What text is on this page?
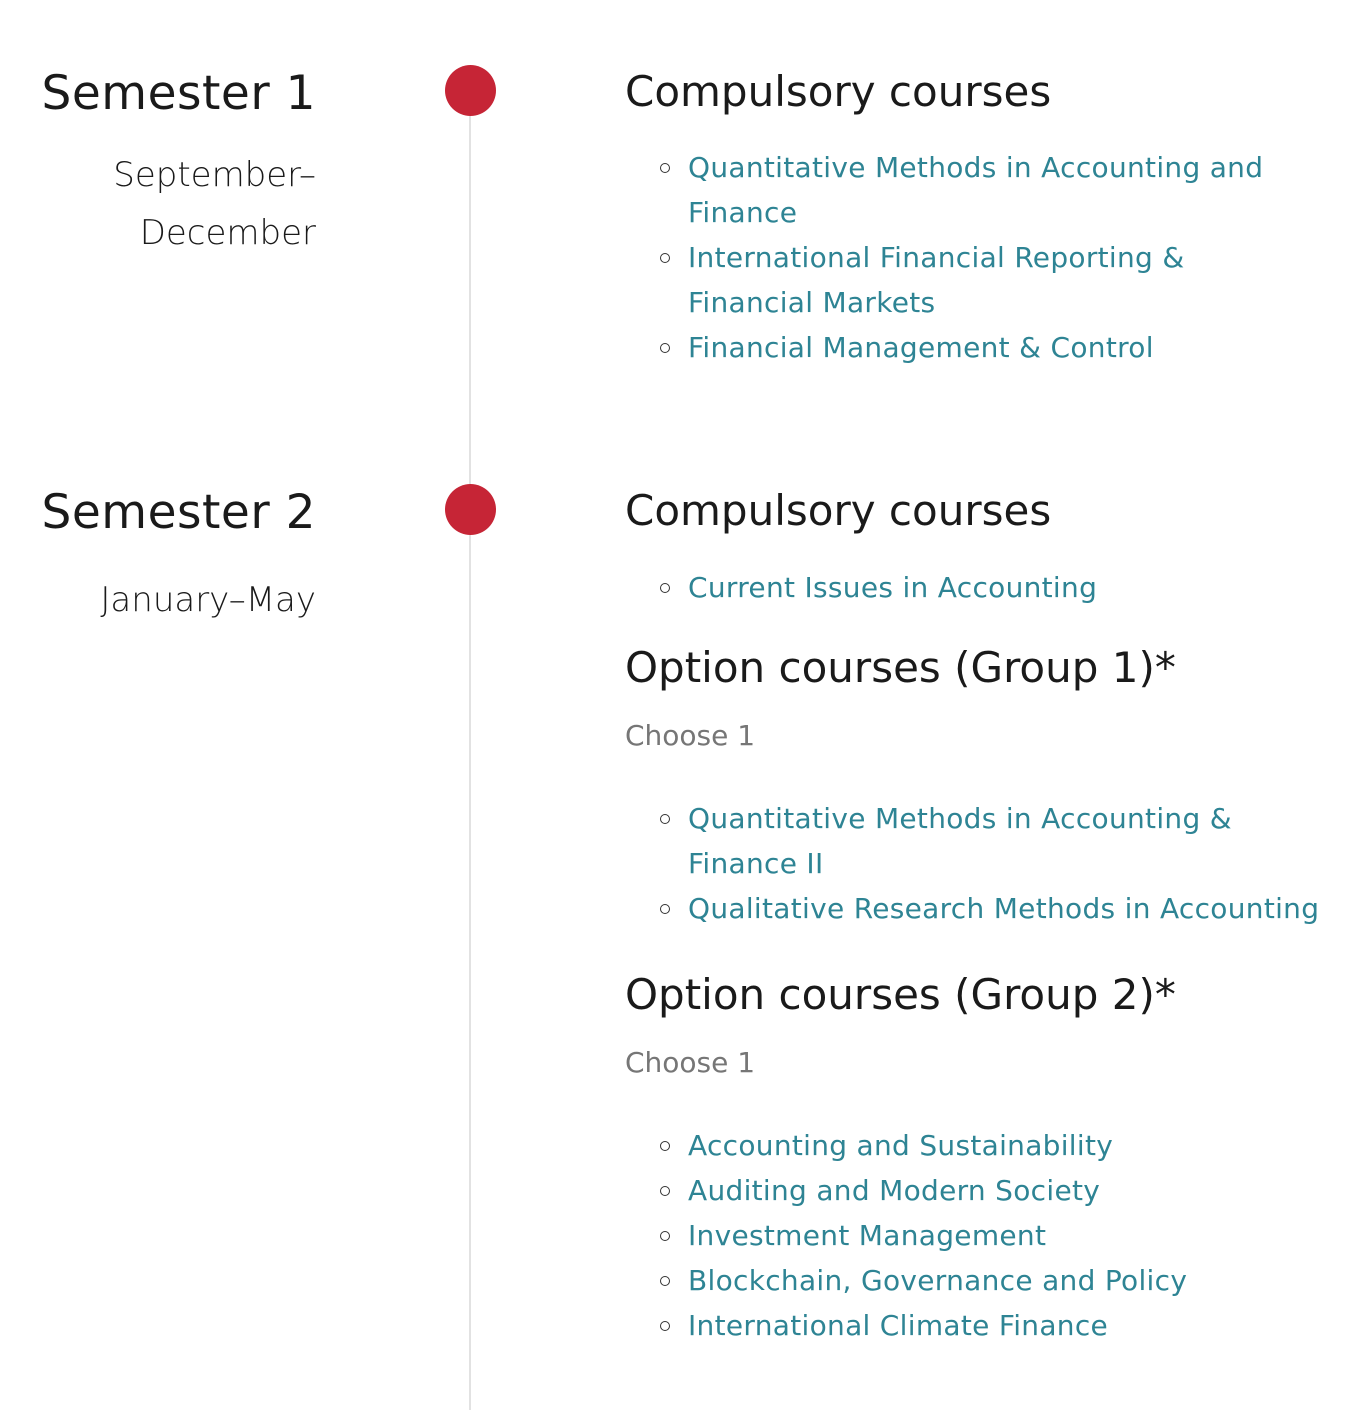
Semester 1
September–
December
Compulsory courses
Quantitative Methods in Accounting and Finance
International Financial Reporting & Financial Markets
Financial Management & Control
Semester 2
January–May
Compulsory courses
Current Issues in Accounting
Option courses (Group 1)*

Choose 1

Quantitative Methods in Accounting & Finance II
Qualitative Research Methods in Accounting
Option courses (Group 2)*

Choose 1

Accounting and Sustainability
Auditing and Modern Society
Investment Management
Blockchain, Governance and Policy
International Climate Finance
